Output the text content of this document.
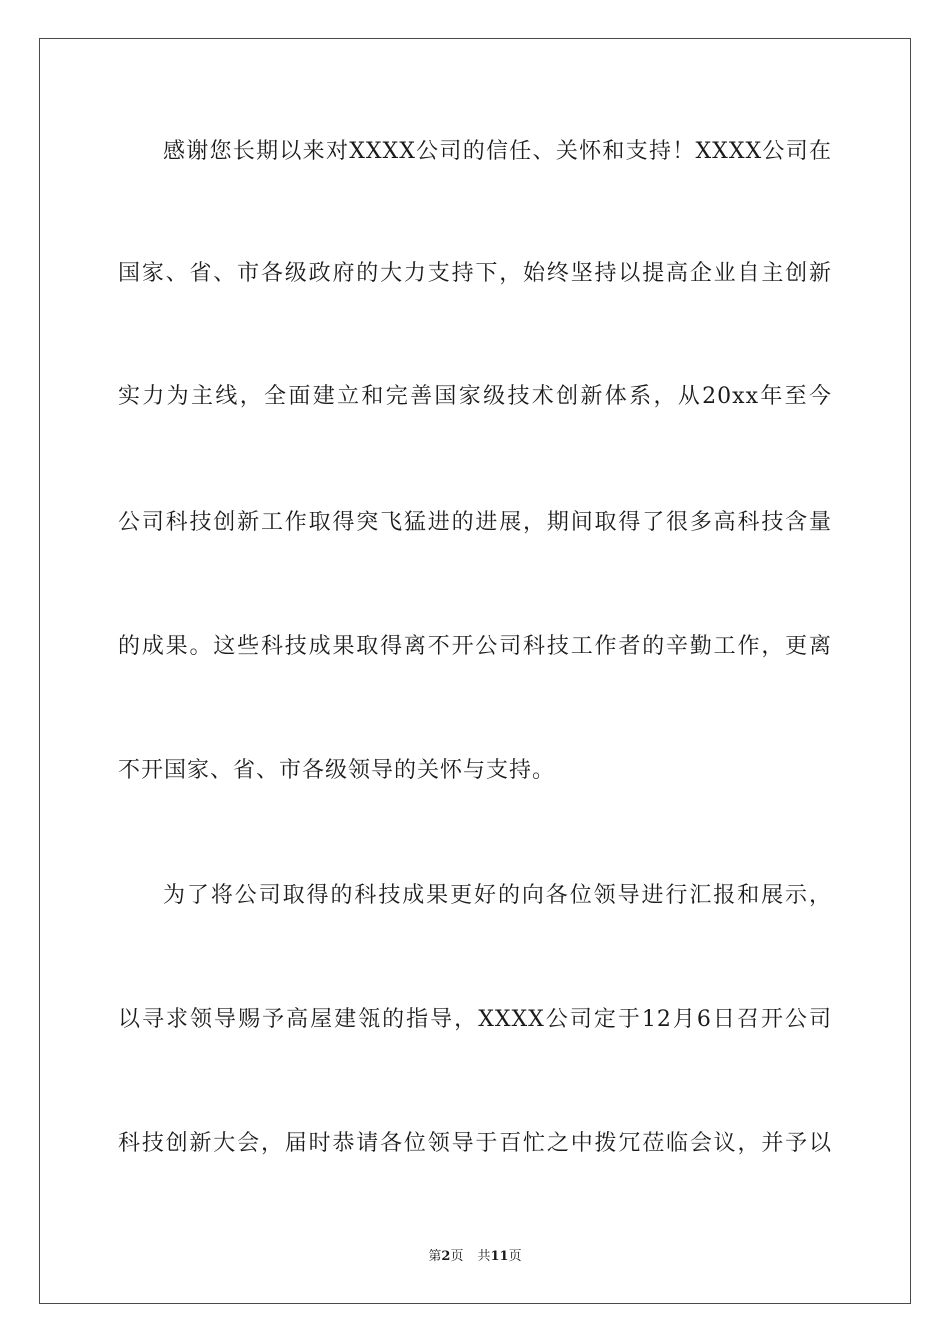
感谢您长期以来对XXXX公司的信任、关怀和支持！XXXX公司在
国家、省、市各级政府的大力支持下，始终坚持以提高企业自主创新
实力为主线，全面建立和完善国家级技术创新体系，从20xx年至今
公司科技创新工作取得突飞猛进的进展，期间取得了很多高科技含量
的成果。这些科技成果取得离不开公司科技工作者的辛勤工作，更离
不开国家、省、市各级领导的关怀与支持。
为了将公司取得的科技成果更好的向各位领导进行汇报和展示，
以寻求领导赐予高屋建瓴的指导，XXXX公司定于12月6日召开公司
科技创新大会，届时恭请各位领导于百忙之中拨冗莅临会议，并予以
第2页 共11页
